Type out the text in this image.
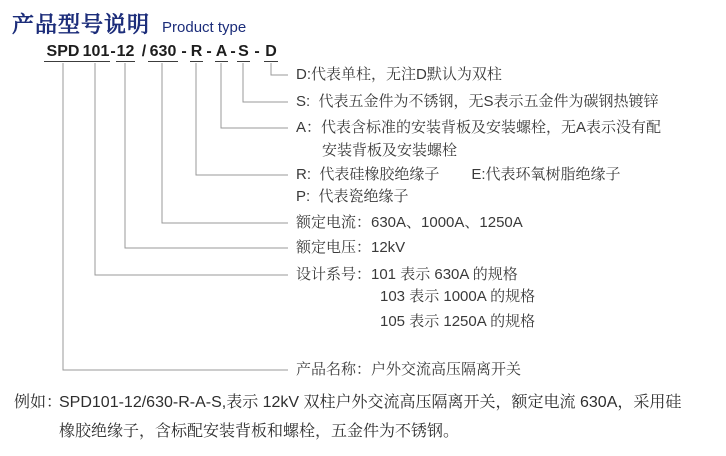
产品型号说明 Product type
SPD 101 - 12 / 630 - R - A - S - D
D:代表单柱，无注D默认为双柱
S:  代表五金件为不锈钢，无S表示五金件为碳钢热镀锌
A：代表含标准的安装背板及安装螺栓，无A表示没有配
安装背板及安装螺栓
R:  代表硅橡胶绝缘子 E:代表环氧树脂绝缘子
P:  代表瓷绝缘子
额定电流：630A、1000A、1250A
额定电压：12kV
设计系号：101 表示 630A 的规格
103 表示 1000A 的规格
105 表示 1250A 的规格
产品名称：户外交流高压隔离开关
例如：
SPD101-12/630-R-A-S,表示 12kV 双柱户外交流高压隔离开关，额定电流 630A，采用硅
橡胶绝缘子，含标配安装背板和螺栓，五金件为不锈钢。
